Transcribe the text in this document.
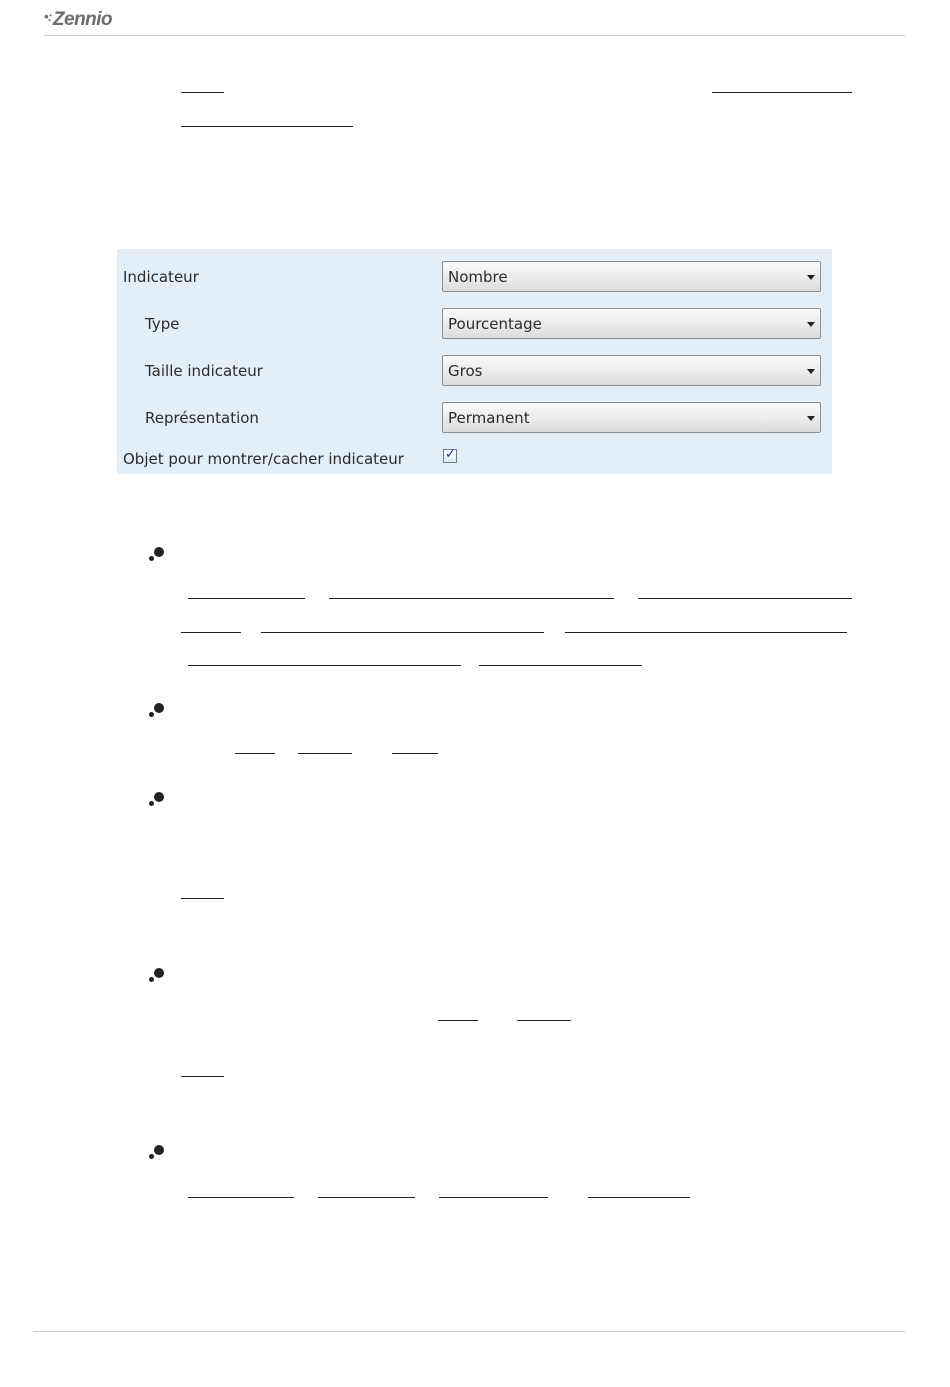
•:Zennio
Indicateur	Nombre
Type	Pourcentage
Taille indicateur	Gros
Représentation	Permanent
Objet pour montrer/cacher indicateur	✓
